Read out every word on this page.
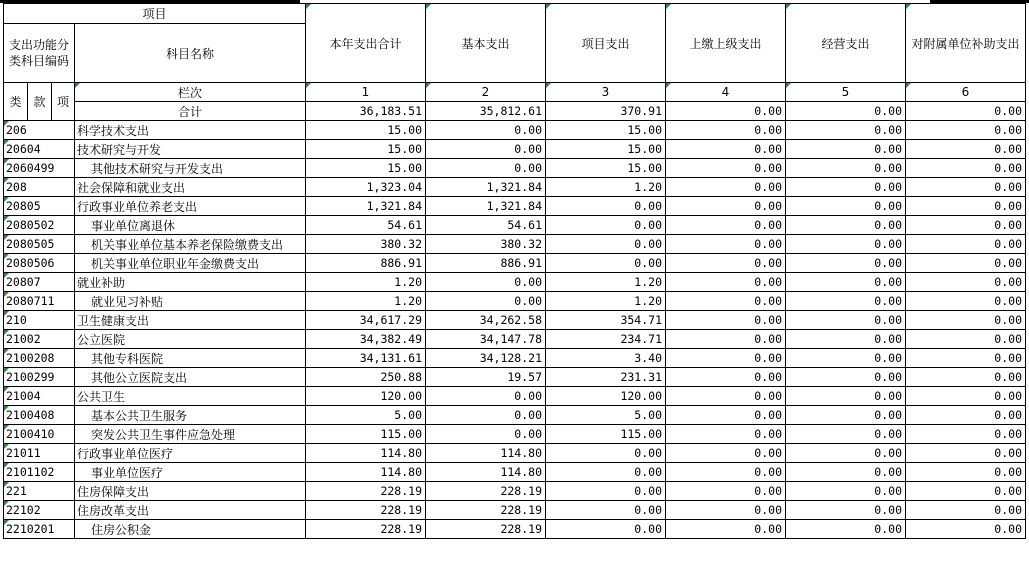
项目				本年支出合计	基本支出	项目支出	上缴上级支出	经营支出	对附属单位补助支出
支出功能分类科目编码			科目名称						

类	款	项	栏次	1	2	3	4	5	6
			合计	36,183.51	35,812.61	370.91	0.00	0.00	0.00
206			科学技术支出	15.00	0.00	15.00	0.00	0.00	0.00
20604			技术研究与开发	15.00	0.00	15.00	0.00	0.00	0.00
2060499			其他技术研究与开发支出	15.00	0.00	15.00	0.00	0.00	0.00
208			社会保障和就业支出	1,323.04	1,321.84	1.20	0.00	0.00	0.00
20805			行政事业单位养老支出	1,321.84	1,321.84	0.00	0.00	0.00	0.00
2080502			事业单位离退休	54.61	54.61	0.00	0.00	0.00	0.00
2080505			机关事业单位基本养老保险缴费支出	380.32	380.32	0.00	0.00	0.00	0.00
2080506			机关事业单位职业年金缴费支出	886.91	886.91	0.00	0.00	0.00	0.00
20807			就业补助	1.20	0.00	1.20	0.00	0.00	0.00
2080711			就业见习补贴	1.20	0.00	1.20	0.00	0.00	0.00
210			卫生健康支出	34,617.29	34,262.58	354.71	0.00	0.00	0.00
21002			公立医院	34,382.49	34,147.78	234.71	0.00	0.00	0.00
2100208			其他专科医院	34,131.61	34,128.21	3.40	0.00	0.00	0.00
2100299			其他公立医院支出	250.88	19.57	231.31	0.00	0.00	0.00
21004			公共卫生	120.00	0.00	120.00	0.00	0.00	0.00
2100408			基本公共卫生服务	5.00	0.00	5.00	0.00	0.00	0.00
2100410			突发公共卫生事件应急处理	115.00	0.00	115.00	0.00	0.00	0.00
21011			行政事业单位医疗	114.80	114.80	0.00	0.00	0.00	0.00
2101102			事业单位医疗	114.80	114.80	0.00	0.00	0.00	0.00
221			住房保障支出	228.19	228.19	0.00	0.00	0.00	0.00
22102			住房改革支出	228.19	228.19	0.00	0.00	0.00	0.00
2210201			住房公积金	228.19	228.19	0.00	0.00	0.00	0.00
